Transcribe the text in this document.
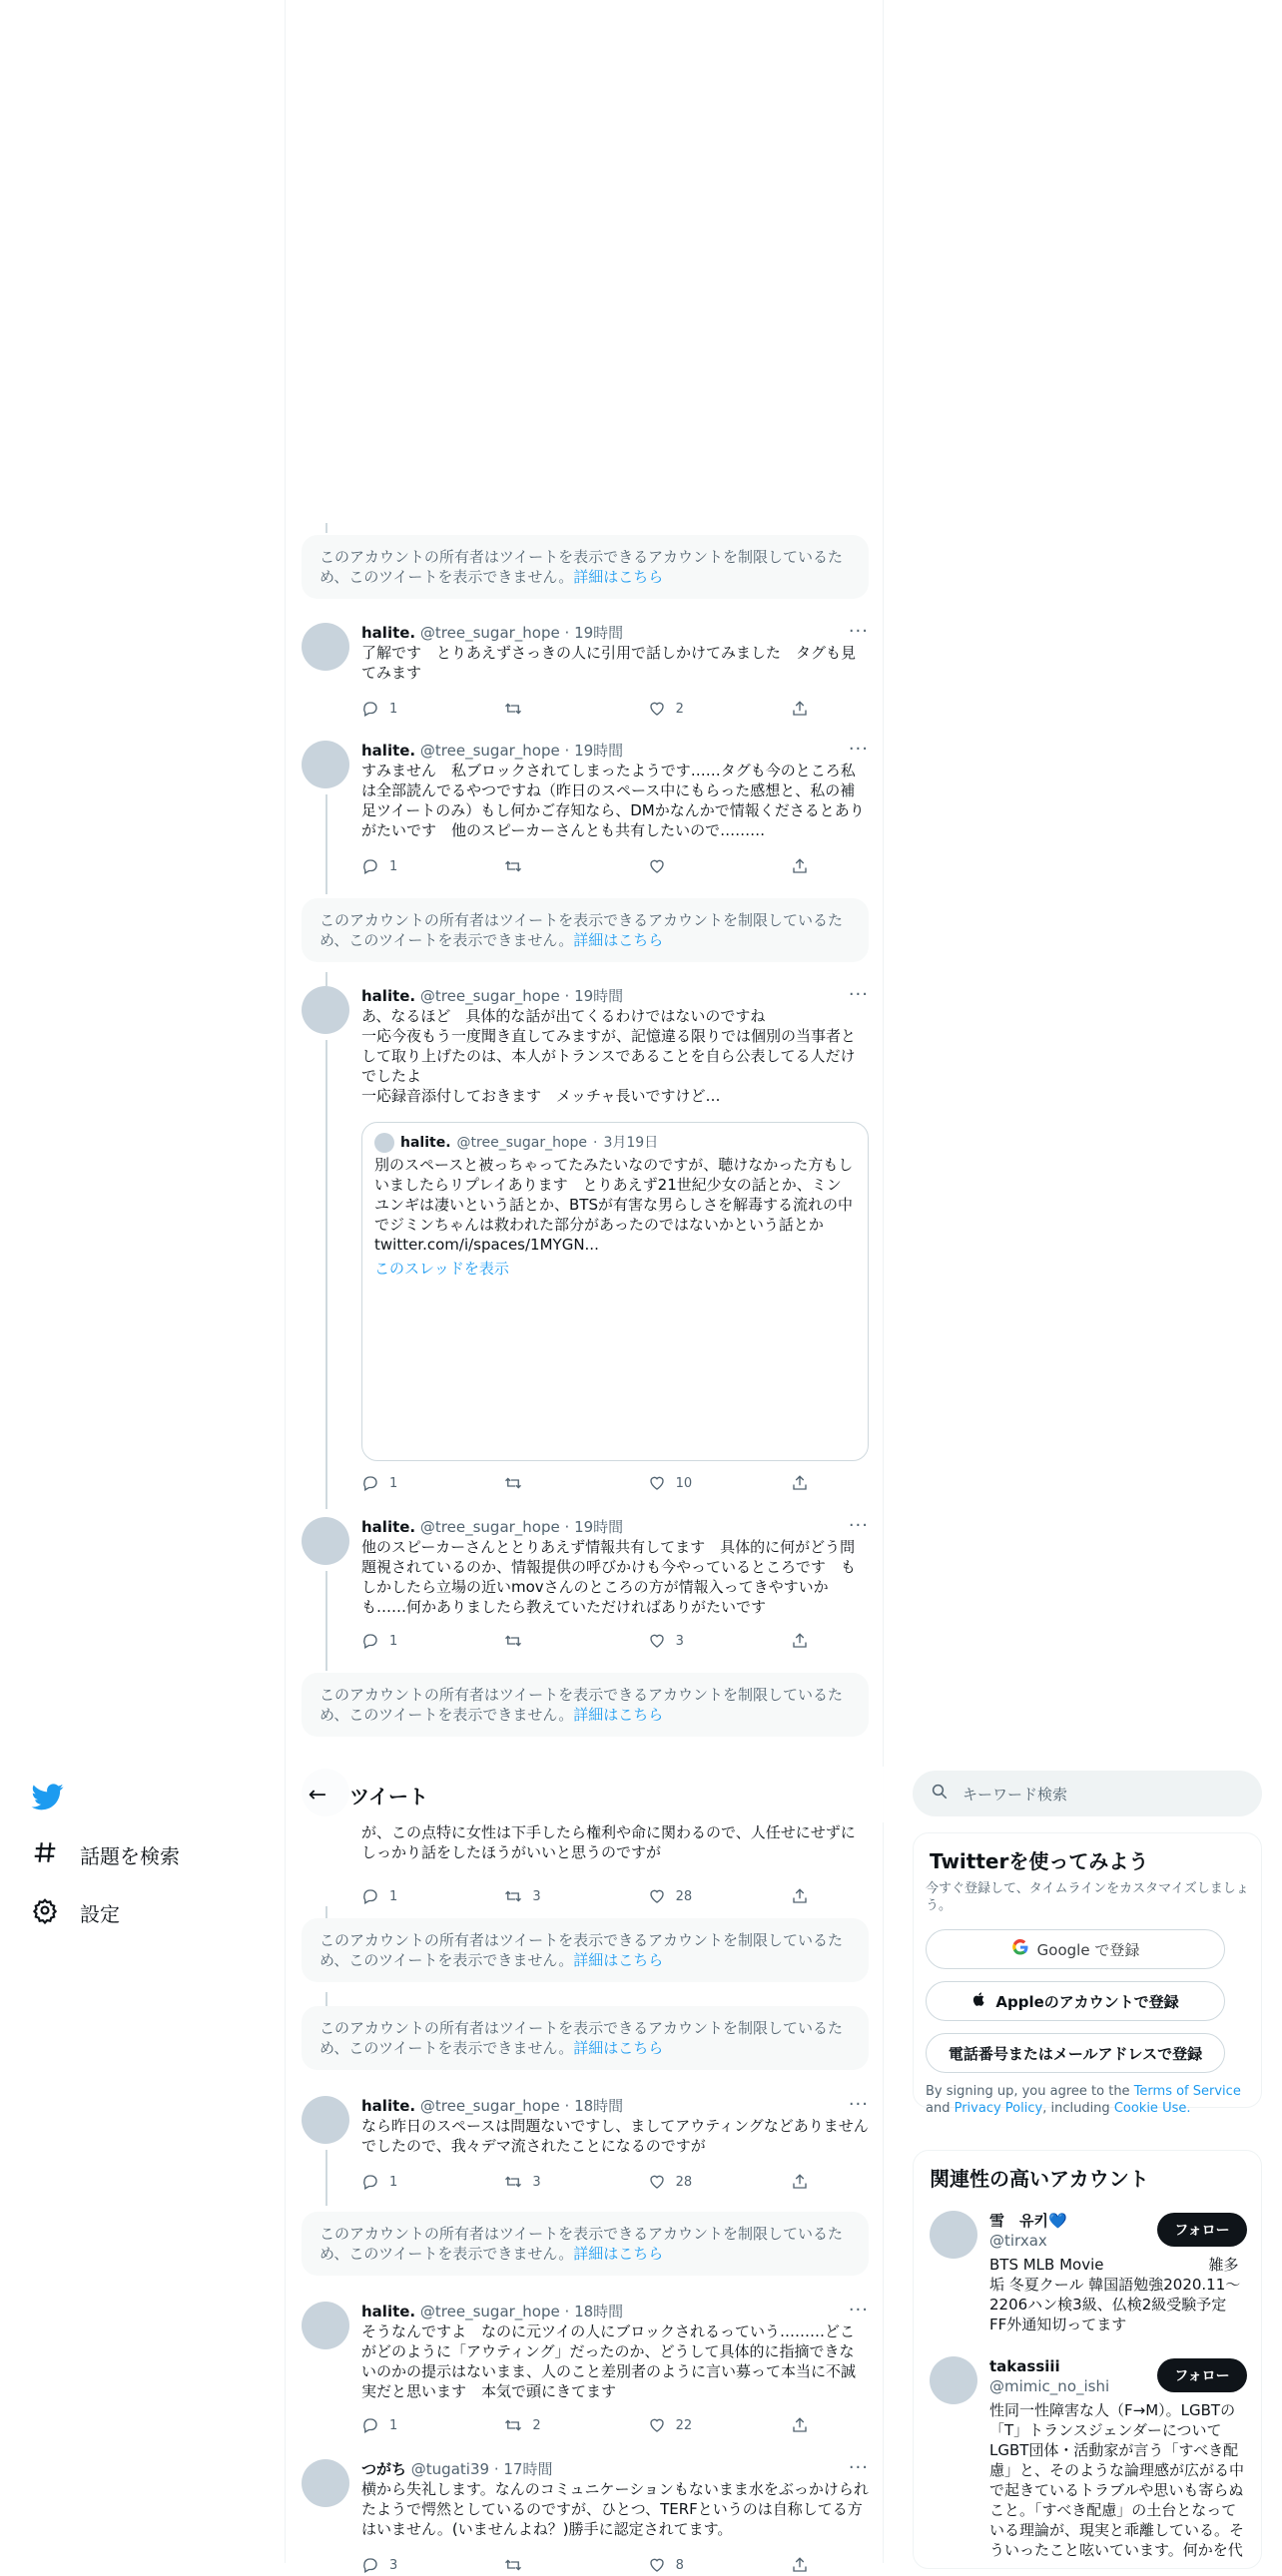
話題を検索
設定
このアカウントの所有者はツイートを表示できるアカウントを制限しているため、このツイートを表示できません。詳細はこちら
halite. @tree_sugar_hope · 19時間	···
了解です　とりあえずさっきの人に引用で話しかけてみました　タグも見てみます
1	2
halite. @tree_sugar_hope · 19時間	···
すみません　私ブロックされてしまったようです……タグも今のところ私は全部読んでるやつですね（昨日のスペース中にもらった感想と、私の補足ツイートのみ）もし何かご存知なら、DMかなんかで情報くださるとありがたいです　他のスピーカーさんとも共有したいので………
1
このアカウントの所有者はツイートを表示できるアカウントを制限しているため、このツイートを表示できません。詳細はこちら
halite. @tree_sugar_hope · 19時間	···
あ、なるほど　具体的な話が出てくるわけではないのですね
一応今夜もう一度聞き直してみますが、記憶違る限りでは個別の当事者として取り上げたのは、本人がトランスであることを自ら公表してる人だけでしたよ
一応録音添付しておきます　メッチャ長いですけど…
halite. @tree_sugar_hope · 3月19日
別のスペースと被っちゃってたみたいなのですが、聴けなかった方もしいましたらリプレイあります　とりあえず21世紀少女の話とか、ミンユンギは凄いという話とか、BTSが有害な男らしさを解毒する流れの中でジミンちゃんは救われた部分があったのではないかという話とか
twitter.com/i/spaces/1MYGN...
このスレッドを表示
1	10
halite. @tree_sugar_hope · 19時間	···
他のスピーカーさんととりあえず情報共有してます　具体的に何がどう問題視されているのか、情報提供の呼びかけも今やっているところです　もしかしたら立場の近いmovさんのところの方が情報入ってきやすいかも……何かありましたら教えていただければありがたいです
1	3
このアカウントの所有者はツイートを表示できるアカウントを制限しているため、このツイートを表示できません。詳細はこちら
←	ツイート
が、この点特に女性は下手したら権利や命に関わるので、人任せにせずにしっかり話をしたほうがいいと思うのですが
1	3	28
このアカウントの所有者はツイートを表示できるアカウントを制限しているため、このツイートを表示できません。詳細はこちら
このアカウントの所有者はツイートを表示できるアカウントを制限しているため、このツイートを表示できません。詳細はこちら
halite. @tree_sugar_hope · 18時間	···
なら昨日のスペースは問題ないですし、ましてアウティングなどありませんでしたので、我々デマ流されたことになるのですが
1	3	28
このアカウントの所有者はツイートを表示できるアカウントを制限しているため、このツイートを表示できません。詳細はこちら
halite. @tree_sugar_hope · 18時間	···
そうなんですよ　なのに元ツイの人にブロックされるっていう………どこがどのように「アウティング」だったのか、どうして具体的に指摘できないのかの提示はないまま、人のこと差別者のように言い募って本当に不誠実だと思います　本気で頭にきてます
1	2	22
つがち @tugati39 · 17時間	···
横から失礼します。なんのコミュニケーションもないまま水をぶっかけられたようで愕然としているのですが、ひとつ、TERFというのは自称してる方はいません。(いませんよね？)勝手に認定されてます。
3	8
キーワード検索
Twitterを使ってみよう
今すぐ登録して、タイムラインをカスタマイズしましょう。
Google で登録
Appleのアカウントで登録
電話番号またはメールアドレスで登録
By signing up, you agree to the Terms of Service and Privacy Policy, including Cookie Use.
関連性の高いアカウント
雪　유키💙
@tirxax
BTS MLB Movie　　　　　　　雑多垢 冬夏クール 韓国語勉強2020.11〜2206ハン検3級、仏検2級受験予定 FF外通知切ってます
フォロー
takassiii
@mimic_no_ishi
性同一性障害な人（F→M）。LGBTの「T」トランスジェンダーについてLGBT団体・活動家が言う「すべき配慮」と、そのような論理感が広がる中で起きているトラブルや思いも寄らぬこと。「すべき配慮」の土台となっている理論が、現実と乖離している。そういったこと呟いています。何かを代
フォロー
